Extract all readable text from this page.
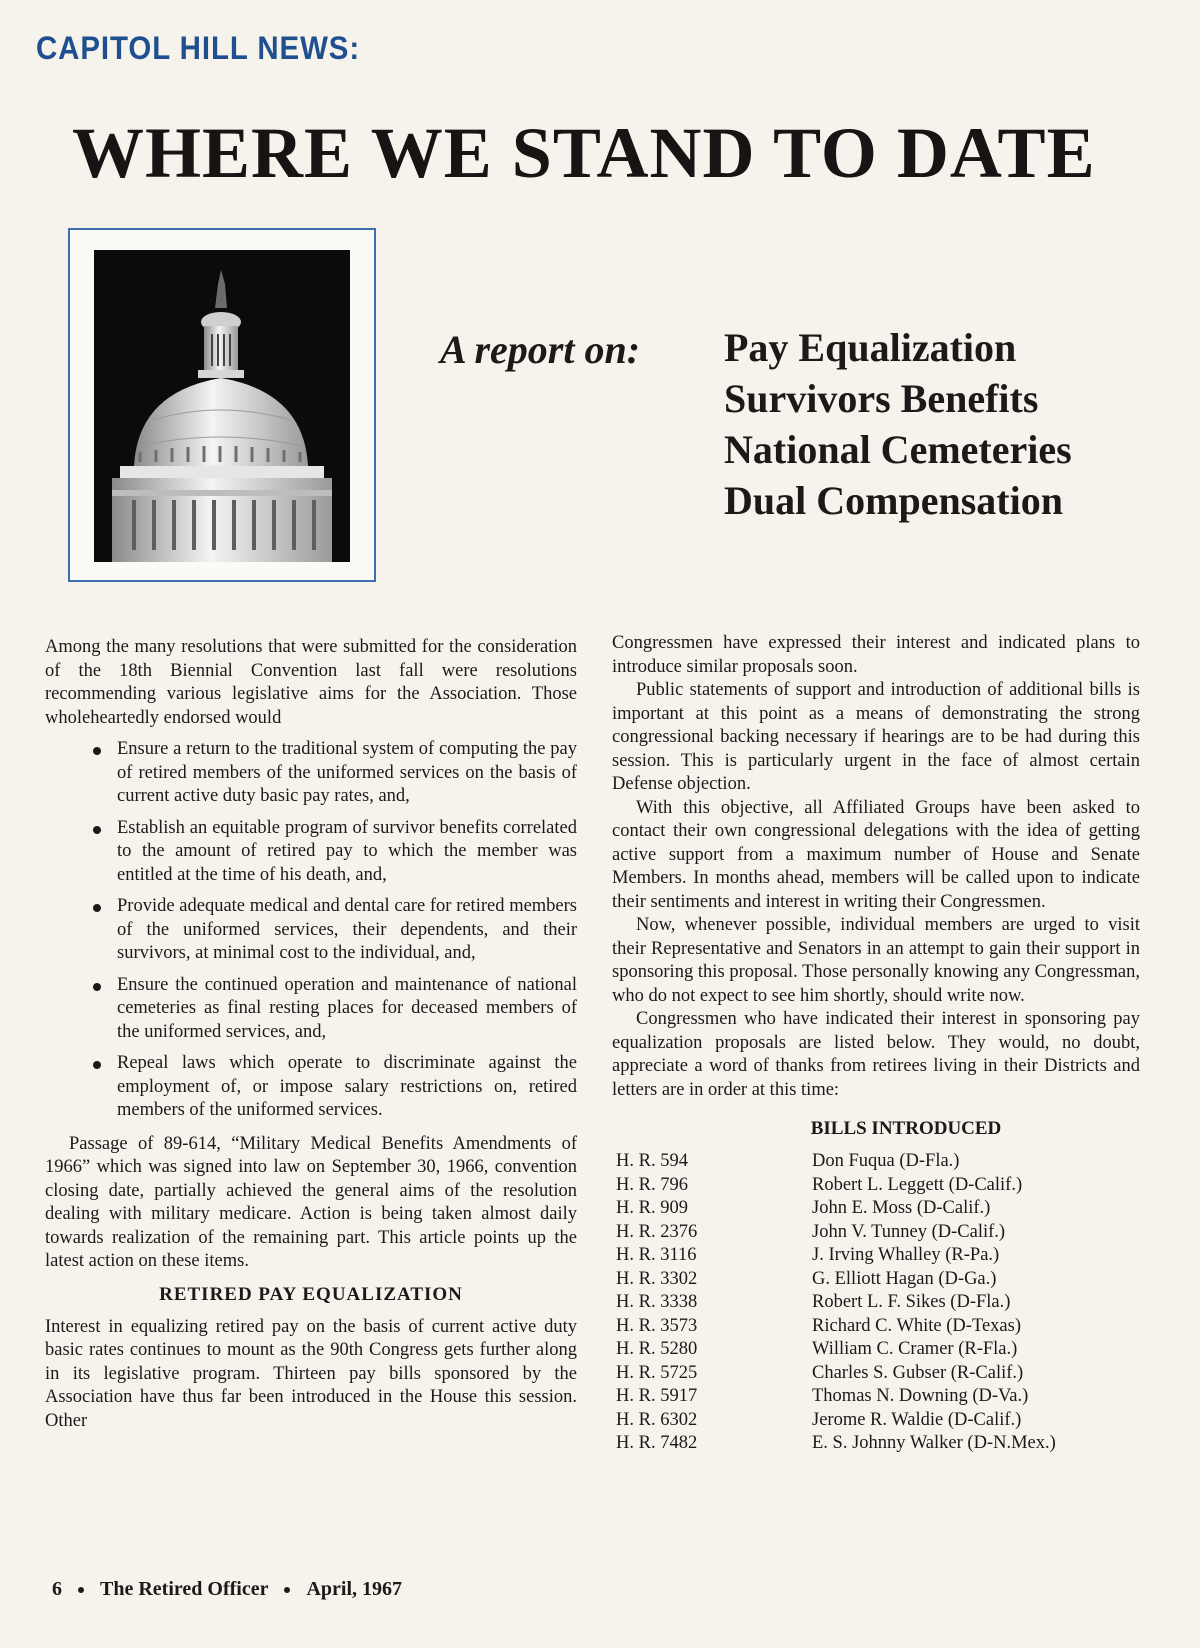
CAPITOL HILL NEWS:
WHERE WE STAND TO DATE
A report on: Pay Equalization
Survivors Benefits
National Cemeteries
Dual Compensation

Among the many resolutions that were submitted for the consideration of the 18th Biennial Convention last fall were resolutions recommending various legislative aims for the Association. Those wholeheartedly endorsed would

Ensure a return to the traditional system of computing the pay of retired members of the uniformed services on the basis of current active duty basic pay rates, and,
Establish an equitable program of survivor benefits correlated to the amount of retired pay to which the member was entitled at the time of his death, and,
Provide adequate medical and dental care for retired members of the uniformed services, their dependents, and their survivors, at minimal cost to the individual, and,
Ensure the continued operation and maintenance of national cemeteries as final resting places for deceased members of the uniformed services, and,
Repeal laws which operate to discriminate against the employment of, or impose salary restrictions on, retired members of the uniformed services.

Passage of 89-614, “Military Medical Benefits Amendments of 1966” which was signed into law on September 30, 1966, convention closing date, partially achieved the general aims of the resolution dealing with military medicare. Action is being taken almost daily towards realization of the remaining part. This article points up the latest action on these items.

RETIRED PAY EQUALIZATION

Interest in equalizing retired pay on the basis of current active duty basic rates continues to mount as the 90th Congress gets further along in its legislative program. Thirteen pay bills sponsored by the Association have thus far been introduced in the House this session. Other

Congressmen have expressed their interest and indicated plans to introduce similar proposals soon.

Public statements of support and introduction of additional bills is important at this point as a means of demonstrating the strong congressional backing necessary if hearings are to be had during this session. This is particularly urgent in the face of almost certain Defense objection.

With this objective, all Affiliated Groups have been asked to contact their own congressional delegations with the idea of getting active support from a maximum number of House and Senate Members. In months ahead, members will be called upon to indicate their sentiments and interest in writing their Congressmen.

Now, whenever possible, individual members are urged to visit their Representative and Senators in an attempt to gain their support in sponsoring this proposal. Those personally knowing any Congressman, who do not expect to see him shortly, should write now.

Congressmen who have indicated their interest in sponsoring pay equalization proposals are listed below. They would, no doubt, appreciate a word of thanks from retirees living in their Districts and letters are in order at this time:

BILLS INTRODUCED
H. R. 594	Don Fuqua (D-Fla.)
H. R. 796	Robert L. Leggett (D-Calif.)
H. R. 909	John E. Moss (D-Calif.)
H. R. 2376	John V. Tunney (D-Calif.)
H. R. 3116	J. Irving Whalley (R-Pa.)
H. R. 3302	G. Elliott Hagan (D-Ga.)
H. R. 3338	Robert L. F. Sikes (D-Fla.)
H. R. 3573	Richard C. White (D-Texas)
H. R. 5280	William C. Cramer (R-Fla.)
H. R. 5725	Charles S. Gubser (R-Calif.)
H. R. 5917	Thomas N. Downing (D-Va.)
H. R. 6302	Jerome R. Waldie (D-Calif.)
H. R. 7482	E. S. Johnny Walker (D-N.Mex.)
6 The Retired Officer April, 1967
